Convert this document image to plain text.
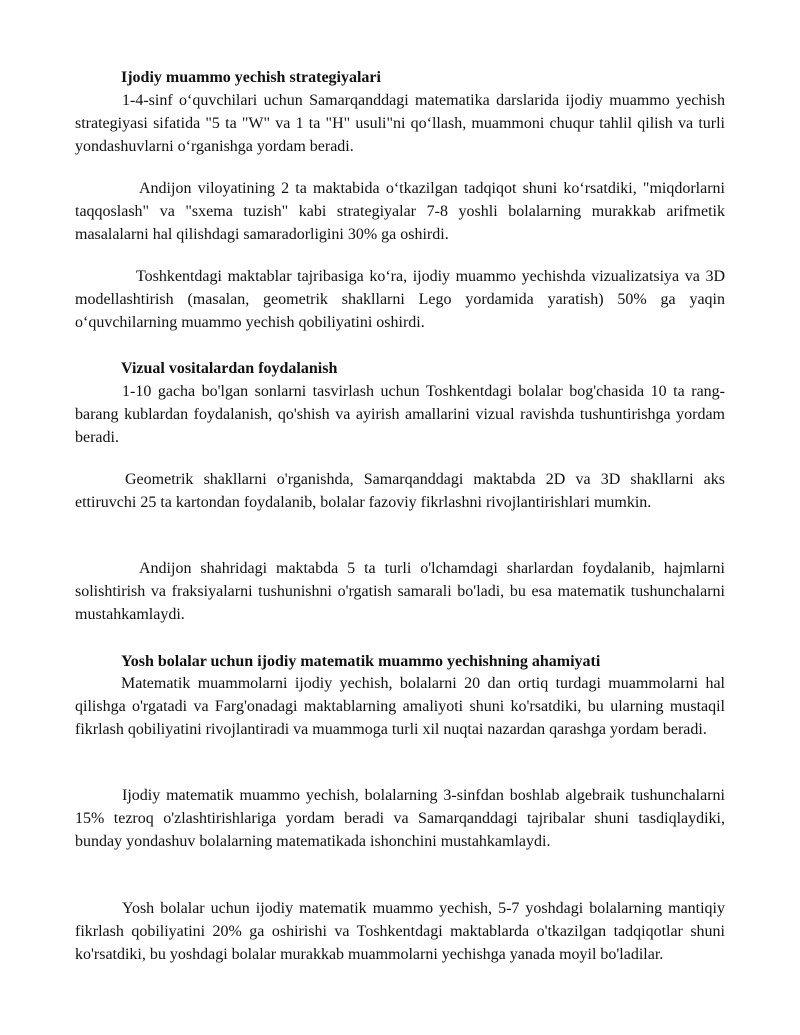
Ijodiy muammo yechish strategiyalari
1-4-sinf o‘quvchilari uchun Samarqanddagi matematika darslarida ijodiy muammo yechish strategiyasi sifatida "5 ta "W" va 1 ta "H" usuli"ni qo‘llash, muammoni chuqur tahlil qilish va turli yondashuvlarni o‘rganishga yordam beradi.
Andijon viloyatining 2 ta maktabida o‘tkazilgan tadqiqot shuni ko‘rsatdiki, "miqdorlarni taqqoslash" va "sxema tuzish" kabi strategiyalar 7-8 yoshli bolalarning murakkab arifmetik masalalarni hal qilishdagi samaradorligini 30% ga oshirdi.
Toshkentdagi maktablar tajribasiga ko‘ra, ijodiy muammo yechishda vizualizatsiya va 3D modellashtirish (masalan, geometrik shakllarni Lego yordamida yaratish) 50% ga yaqin o‘quvchilarning muammo yechish qobiliyatini oshirdi.
Vizual vositalardan foydalanish
1-10 gacha bo'lgan sonlarni tasvirlash uchun Toshkentdagi bolalar bog'chasida 10 ta rang-barang kublardan foydalanish, qo'shish va ayirish amallarini vizual ravishda tushuntirishga yordam beradi.
Geometrik shakllarni o'rganishda, Samarqanddagi maktabda 2D va 3D shakllarni aks ettiruvchi 25 ta kartondan foydalanib, bolalar fazoviy fikrlashni rivojlantirishlari mumkin.
Andijon shahridagi maktabda 5 ta turli o'lchamdagi sharlardan foydalanib, hajmlarni solishtirish va fraksiyalarni tushunishni o'rgatish samarali bo'ladi, bu esa matematik tushunchalarni mustahkamlaydi.
Yosh bolalar uchun ijodiy matematik muammo yechishning ahamiyati
Matematik muammolarni ijodiy yechish, bolalarni 20 dan ortiq turdagi muammolarni hal qilishga o'rgatadi va Farg'onadagi maktablarning amaliyoti shuni ko'rsatdiki, bu ularning mustaqil fikrlash qobiliyatini rivojlantiradi va muammoga turli xil nuqtai nazardan qarashga yordam beradi.
Ijodiy matematik muammo yechish, bolalarning 3-sinfdan boshlab algebraik tushunchalarni 15% tezroq o'zlashtirishlariga yordam beradi va Samarqanddagi tajribalar shuni tasdiqlaydiki, bunday yondashuv bolalarning matematikada ishonchini mustahkamlaydi.
Yosh bolalar uchun ijodiy matematik muammo yechish, 5-7 yoshdagi bolalarning mantiqiy fikrlash qobiliyatini 20% ga oshirishi va Toshkentdagi maktablarda o'tkazilgan tadqiqotlar shuni ko'rsatdiki, bu yoshdagi bolalar murakkab muammolarni yechishga yanada moyil bo'ladilar.
